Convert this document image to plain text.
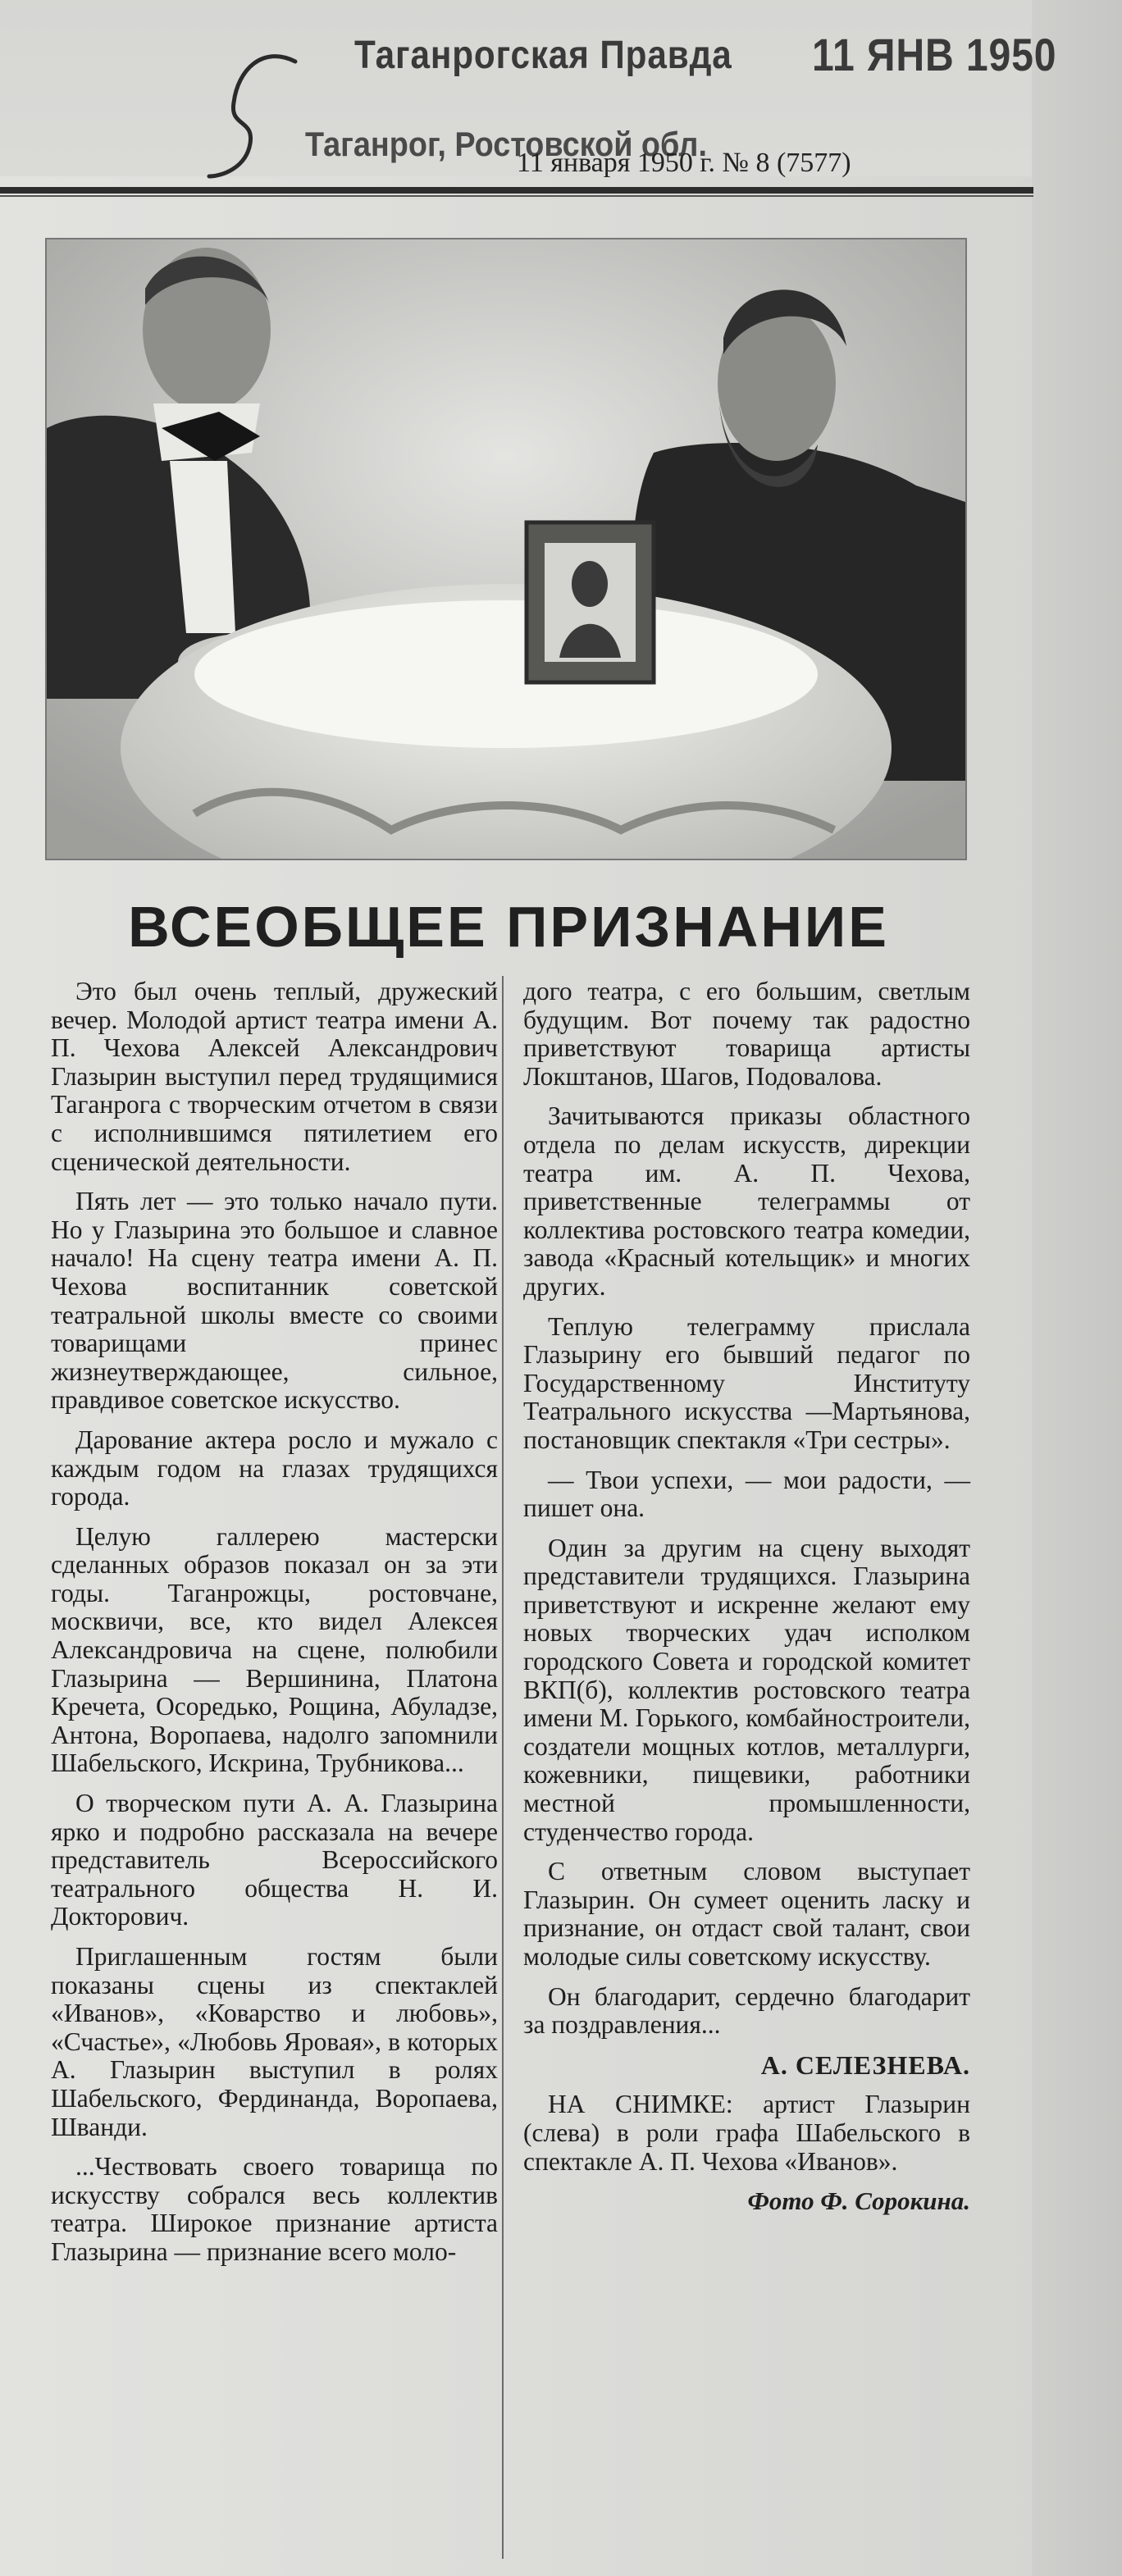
Таганрогская Правда 11 ЯНВ 1950
Таганрог, Ростовской обл.
11 января 1950 г. № 8 (7577)
ВСЕОБЩЕЕ ПРИЗНАНИЕ

Это был очень теплый, дружеский вечер. Молодой артист театра имени А. П. Чехова Алексей Александрович Глазырин выступил перед трудящимися Таганрога с творческим отчетом в связи с исполнившимся пятилетием его сценической деятельности.

Пять лет — это только начало пути. Но у Глазырина это большое и славное начало! На сцену театра имени А. П. Чехова воспитанник советской театральной школы вместе со своими товарищами принес жизнеутверждающее, сильное, правдивое советское искусство.

Дарование актера росло и мужало с каждым годом на глазах трудящихся города.

Целую галлерею мастерски сделанных образов показал он за эти годы. Таганрожцы, ростовчане, москвичи, все, кто видел Алексея Александровича на сцене, полюбили Глазырина — Вершинина, Платона Кречета, Осоредько, Рощина, Абуладзе, Антона, Воропаева, надолго запомнили Шабельского, Искрина, Трубникова...

О творческом пути А. А. Глазырина ярко и подробно рассказала на вечере представитель Всероссийского театрального общества Н. И. Докторович.

Приглашенным гостям были показаны сцены из спектаклей «Иванов», «Коварство и любовь», «Счастье», «Любовь Яровая», в которых А. Глазырин выступил в ролях Шабельского, Фердинанда, Воропаева, Шванди.

...Чествовать своего товарища по искусству собрался весь коллектив театра. Широкое признание артиста Глазырина — признание всего моло-

дого театра, с его большим, светлым будущим. Вот почему так радостно приветствуют товарища артисты Локштанов, Шагов, Подовалова.

Зачитываются приказы областного отдела по делам искусств, дирекции театра им. А. П. Чехова, приветственные телеграммы от коллектива ростовского театра комедии, завода «Красный котельщик» и многих других.

Теплую телеграмму прислала Глазырину его бывший педагог по Государственному Институту Театрального искусства —Мартьянова, постановщик спектакля «Три сестры».

— Твои успехи, — мои радости, — пишет она.

Один за другим на сцену выходят представители трудящихся. Глазырина приветствуют и искренне желают ему новых творческих удач исполком городского Совета и городской комитет ВКП(б), коллектив ростовского театра имени М. Горького, комбайностроители, создатели мощных котлов, металлурги, кожевники, пищевики, работники местной промышленности, студенчество города.

С ответным словом выступает Глазырин. Он сумеет оценить ласку и признание, он отдаст свой талант, свои молодые силы советскому искусству.

Он благодарит, сердечно благодарит за поздравления...

А. СЕЛЕЗНЕВА.

НА СНИМКЕ: артист Глазырин (слева) в роли графа Шабельского в спектакле А. П. Чехова «Иванов».

Фото Ф. Сорокина.
